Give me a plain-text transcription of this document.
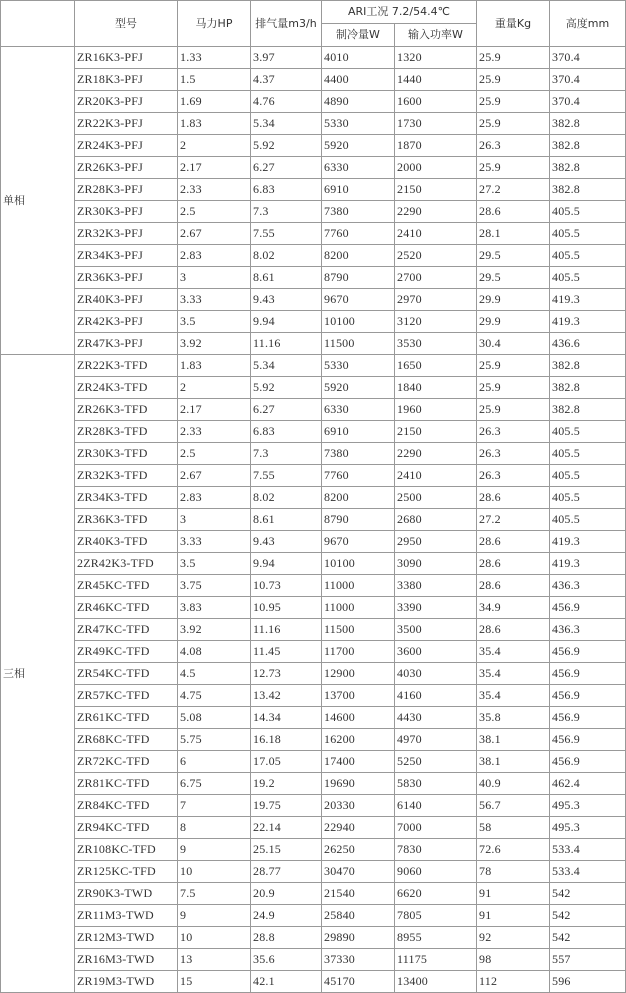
	型号	马力HP	排气量m3/h	ARI工况 7.2/54.4℃		重量Kg	高度mm
				制冷量W	输入功率W		
单相	ZR16K3-PFJ	1.33	3.97	4010	1320	25.9	370.4
	ZR18K3-PFJ	1.5	4.37	4400	1440	25.9	370.4
	ZR20K3-PFJ	1.69	4.76	4890	1600	25.9	370.4
	ZR22K3-PFJ	1.83	5.34	5330	1730	25.9	382.8
	ZR24K3-PFJ	2	5.92	5920	1870	26.3	382.8
	ZR26K3-PFJ	2.17	6.27	6330	2000	25.9	382.8
	ZR28K3-PFJ	2.33	6.83	6910	2150	27.2	382.8
	ZR30K3-PFJ	2.5	7.3	7380	2290	28.6	405.5
	ZR32K3-PFJ	2.67	7.55	7760	2410	28.1	405.5
	ZR34K3-PFJ	2.83	8.02	8200	2520	29.5	405.5
	ZR36K3-PFJ	3	8.61	8790	2700	29.5	405.5
	ZR40K3-PFJ	3.33	9.43	9670	2970	29.9	419.3
	ZR42K3-PFJ	3.5	9.94	10100	3120	29.9	419.3
	ZR47K3-PFJ	3.92	11.16	11500	3530	30.4	436.6
三相	ZR22K3-TFD	1.83	5.34	5330	1650	25.9	382.8
	ZR24K3-TFD	2	5.92	5920	1840	25.9	382.8
	ZR26K3-TFD	2.17	6.27	6330	1960	25.9	382.8
	ZR28K3-TFD	2.33	6.83	6910	2150	26.3	405.5
	ZR30K3-TFD	2.5	7.3	7380	2290	26.3	405.5
	ZR32K3-TFD	2.67	7.55	7760	2410	26.3	405.5
	ZR34K3-TFD	2.83	8.02	8200	2500	28.6	405.5
	ZR36K3-TFD	3	8.61	8790	2680	27.2	405.5
	ZR40K3-TFD	3.33	9.43	9670	2950	28.6	419.3
	2ZR42K3-TFD	3.5	9.94	10100	3090	28.6	419.3
	ZR45KC-TFD	3.75	10.73	11000	3380	28.6	436.3
	ZR46KC-TFD	3.83	10.95	11000	3390	34.9	456.9
	ZR47KC-TFD	3.92	11.16	11500	3500	28.6	436.3
	ZR49KC-TFD	4.08	11.45	11700	3600	35.4	456.9
	ZR54KC-TFD	4.5	12.73	12900	4030	35.4	456.9
	ZR57KC-TFD	4.75	13.42	13700	4160	35.4	456.9
	ZR61KC-TFD	5.08	14.34	14600	4430	35.8	456.9
	ZR68KC-TFD	5.75	16.18	16200	4970	38.1	456.9
	ZR72KC-TFD	6	17.05	17400	5250	38.1	456.9
	ZR81KC-TFD	6.75	19.2	19690	5830	40.9	462.4
	ZR84KC-TFD	7	19.75	20330	6140	56.7	495.3
	ZR94KC-TFD	8	22.14	22940	7000	58	495.3
	ZR108KC-TFD	9	25.15	26250	7830	72.6	533.4
	ZR125KC-TFD	10	28.77	30470	9060	78	533.4
	ZR90K3-TWD	7.5	20.9	21540	6620	91	542
	ZR11M3-TWD	9	24.9	25840	7805	91	542
	ZR12M3-TWD	10	28.8	29890	8955	92	542
	ZR16M3-TWD	13	35.6	37330	11175	98	557
	ZR19M3-TWD	15	42.1	45170	13400	112	596
